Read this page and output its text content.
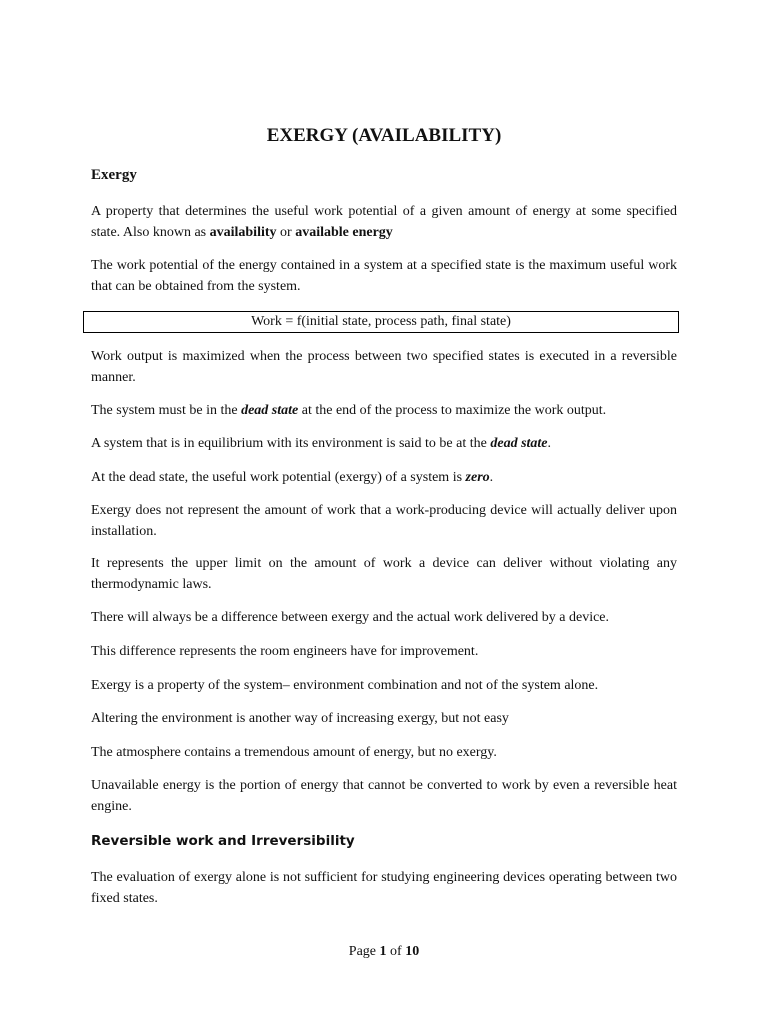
EXERGY (AVAILABILITY)
Exergy

A property that determines the useful work potential of a given amount of energy at some specified state. Also known as availability or available energy

The work potential of the energy contained in a system at a specified state is the maximum useful work that can be obtained from the system.

Work = f(initial state, process path, final state)

Work output is maximized when the process between two specified states is executed in a reversible manner.

The system must be in the dead state at the end of the process to maximize the work output.

A system that is in equilibrium with its environment is said to be at the dead state.

At the dead state, the useful work potential (exergy) of a system is zero.

Exergy does not represent the amount of work that a work-producing device will actually deliver upon installation.

It represents the upper limit on the amount of work a device can deliver without violating any thermodynamic laws.

There will always be a difference between exergy and the actual work delivered by a device.

This difference represents the room engineers have for improvement.

Exergy is a property of the system– environment combination and not of the system alone.

Altering the environment is another way of increasing exergy, but not easy

The atmosphere contains a tremendous amount of energy, but no exergy.

Unavailable energy is the portion of energy that cannot be converted to work by even a reversible heat engine.

Reversible work and Irreversibility

The evaluation of exergy alone is not sufficient for studying engineering devices operating between two fixed states.

Page 1 of 10
